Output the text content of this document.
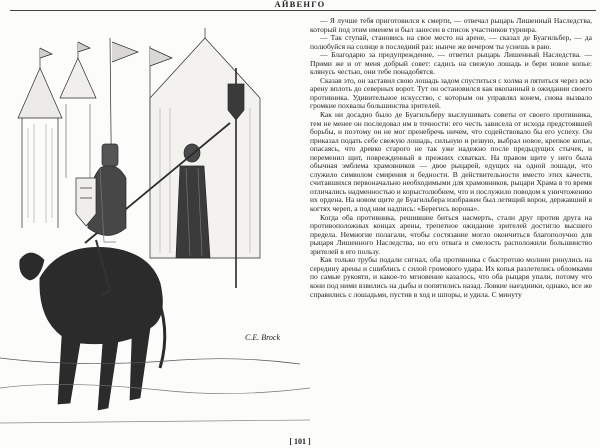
АЙВЕНГО
C.E. Brock

— Я лучше тебя приготовился к смерти, — отвечал рыцарь Лишенный Наследства, который под этим именем и был занесен в список участников турнира.

— Так ступай, становись на свое место на арене, — сказал де Буагильбер, — да полюбуйся на солнце в последний раз: нынче же вечером ты уснешь в раю.

— Благодарю за предупреждение, — ответил рыцарь Лишенный Наследства. — Прими же и от меня добрый совет: садись на свежую лошадь и бери новое копье: клянусь честью, они тебе понадобятся.

Сказав это, он заставил свою лошадь задом спуститься с холма и пятиться через всю арену вплоть до северных ворот. Тут он остановился как вкопанный в ожидании своего противника. Удивительное искусство, с которым он управлял конем, снова вызвало громкие похвалы большинства зрителей.

Как ни досадно было де Буагильберу выслушивать советы от своего противника, тем не менее он последовал им в точности: его честь зависела от исхода предстоявшей борьбы, и поэтому он не мог пренебречь ничем, что содействовало бы его успеху. Он приказал подать себе свежую лошадь, сильную и резвую, выбрал новое, крепкое копье, опасаясь, что древко старого не так уже надежно после предыдущих стычек, и переменил щит, поврежденный в прежних схватках. На правом щите у него была обычная эмблема храмовников — двое рыцарей, едущих на одной лошади, что служило символом смирения и бедности. В действительности вместо этих качеств, считавшихся первоначально необходимыми для храмовников, рыцари Храма в то время отличались надменностью и корыстолюбием, что и послужило поводом к уничтожению их ордена. На новом щите де Буагильбера изображен был летящий ворон, державший в когтях череп, а под ним надпись: «Берегись ворона».

Когда оба противника, решившие биться насмерть, стали друг против друга на противоположных концах арены, трепетное ожидание зрителей достигло высшего предела. Немногие полагали, чтобы состязание могло окончиться благополучно для рыцаря Лишенного Наследства, но его отвага и смелость расположили большинство зрителей в его пользу.

Как только трубы подали сигнал, оба противника с быстротою молнии ринулись на середину арены и сшиблись с силой громового удара. Их копья разлетелись обломками по самые рукояти, и какое-то мгновение казалось, что оба рыцаря упали, потому что кони под ними взвились на дыбы и попятились назад. Ловкие наездники, однако, все же справились с лошадьми, пустив в ход и шпоры, и удила. С минуту

[ 101 ]
